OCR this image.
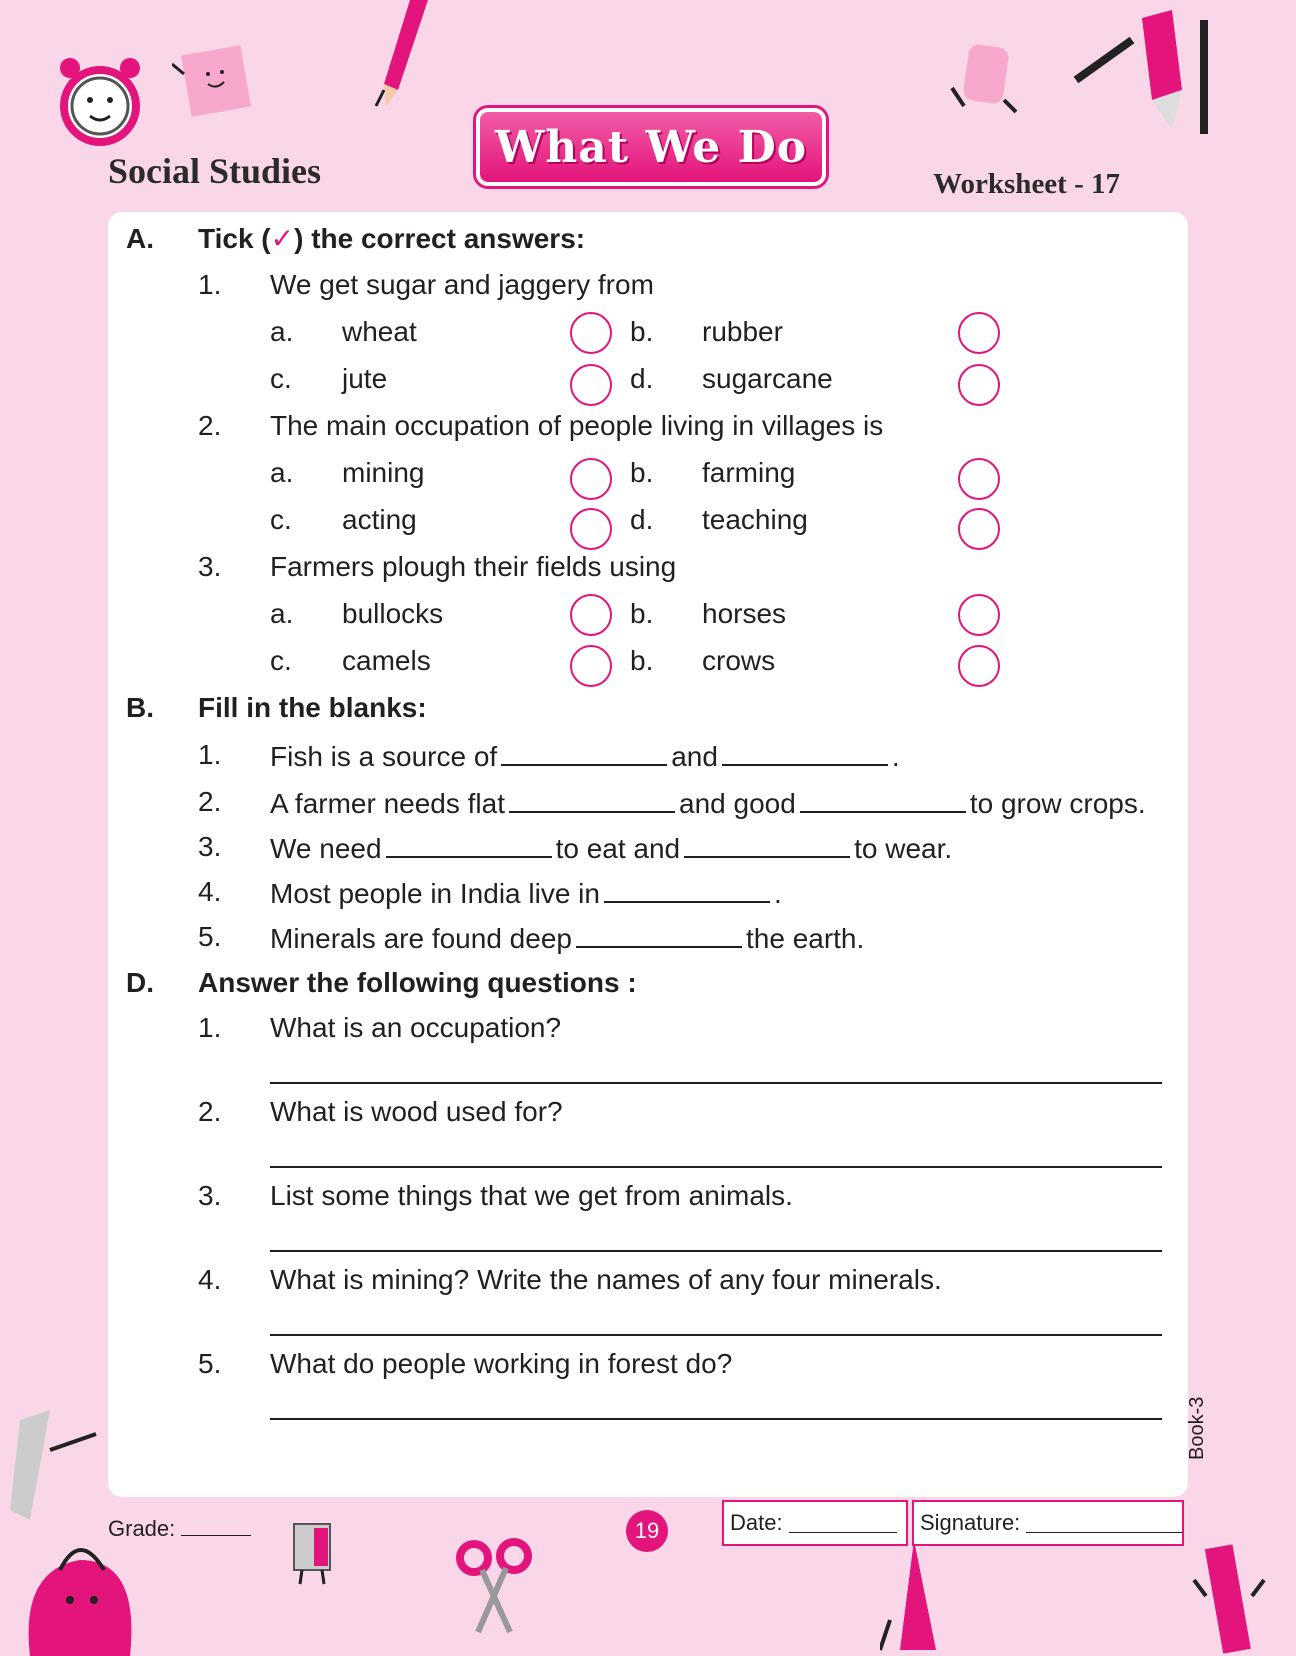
Social Studies	What We Do
Worksheet - 17
A. Tick (✓) the correct answers:
1. We get sugar and jaggery from
a. wheat	b. rubber
c. jute	d. sugarcane
2. The main occupation of people living in villages is
a. mining	b. farming
c. acting	d. teaching
3. Farmers plough their fields using
a. bullocks	b. horses
c. camels	b. crows
B. Fill in the blanks:
1. Fish is a source of	and	.
2. A farmer needs flat	and good	to grow crops.
3. We need	to eat and	to wear.
4. Most people in India live in	.
5. Minerals are found deep	the earth.
D. Answer the following questions :
1. What is an occupation?
2. What is wood used for?
3. List some things that we get from animals.
4. What is mining? Write the names of any four minerals.
5. What do people working in forest do?
Book-3
Grade:	19	Date:
	Signature:
